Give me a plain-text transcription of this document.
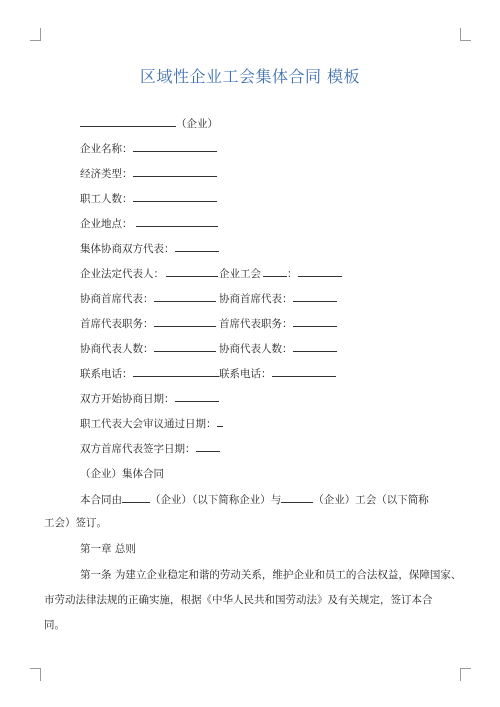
区域性企业工会集体合同 模板
（企业）
企业名称：
经济类型：
职工人数：
企业地点：
集体协商双方代表：
企业法定代表人：	企业工会 ：
协商首席代表：	协商首席代表：
首席代表职务：	首席代表职务：
协商代表人数：	协商代表人数：
联系电话：	联系电话：
双方开始协商日期：
职工代表大会审议通过日期：
双方首席代表签字日期：
（企业）集体合同
本合同由	（企业）（以下简称企业）与	（企业）工会（以下简称
工会）签订。
第一章 总则
第一条 为建立企业稳定和谐的劳动关系，维护企业和员工的合法权益，保障国家、
市劳动法律法规的正确实施，根据《中华人民共和国劳动法》及有关规定，签订本合
同。
